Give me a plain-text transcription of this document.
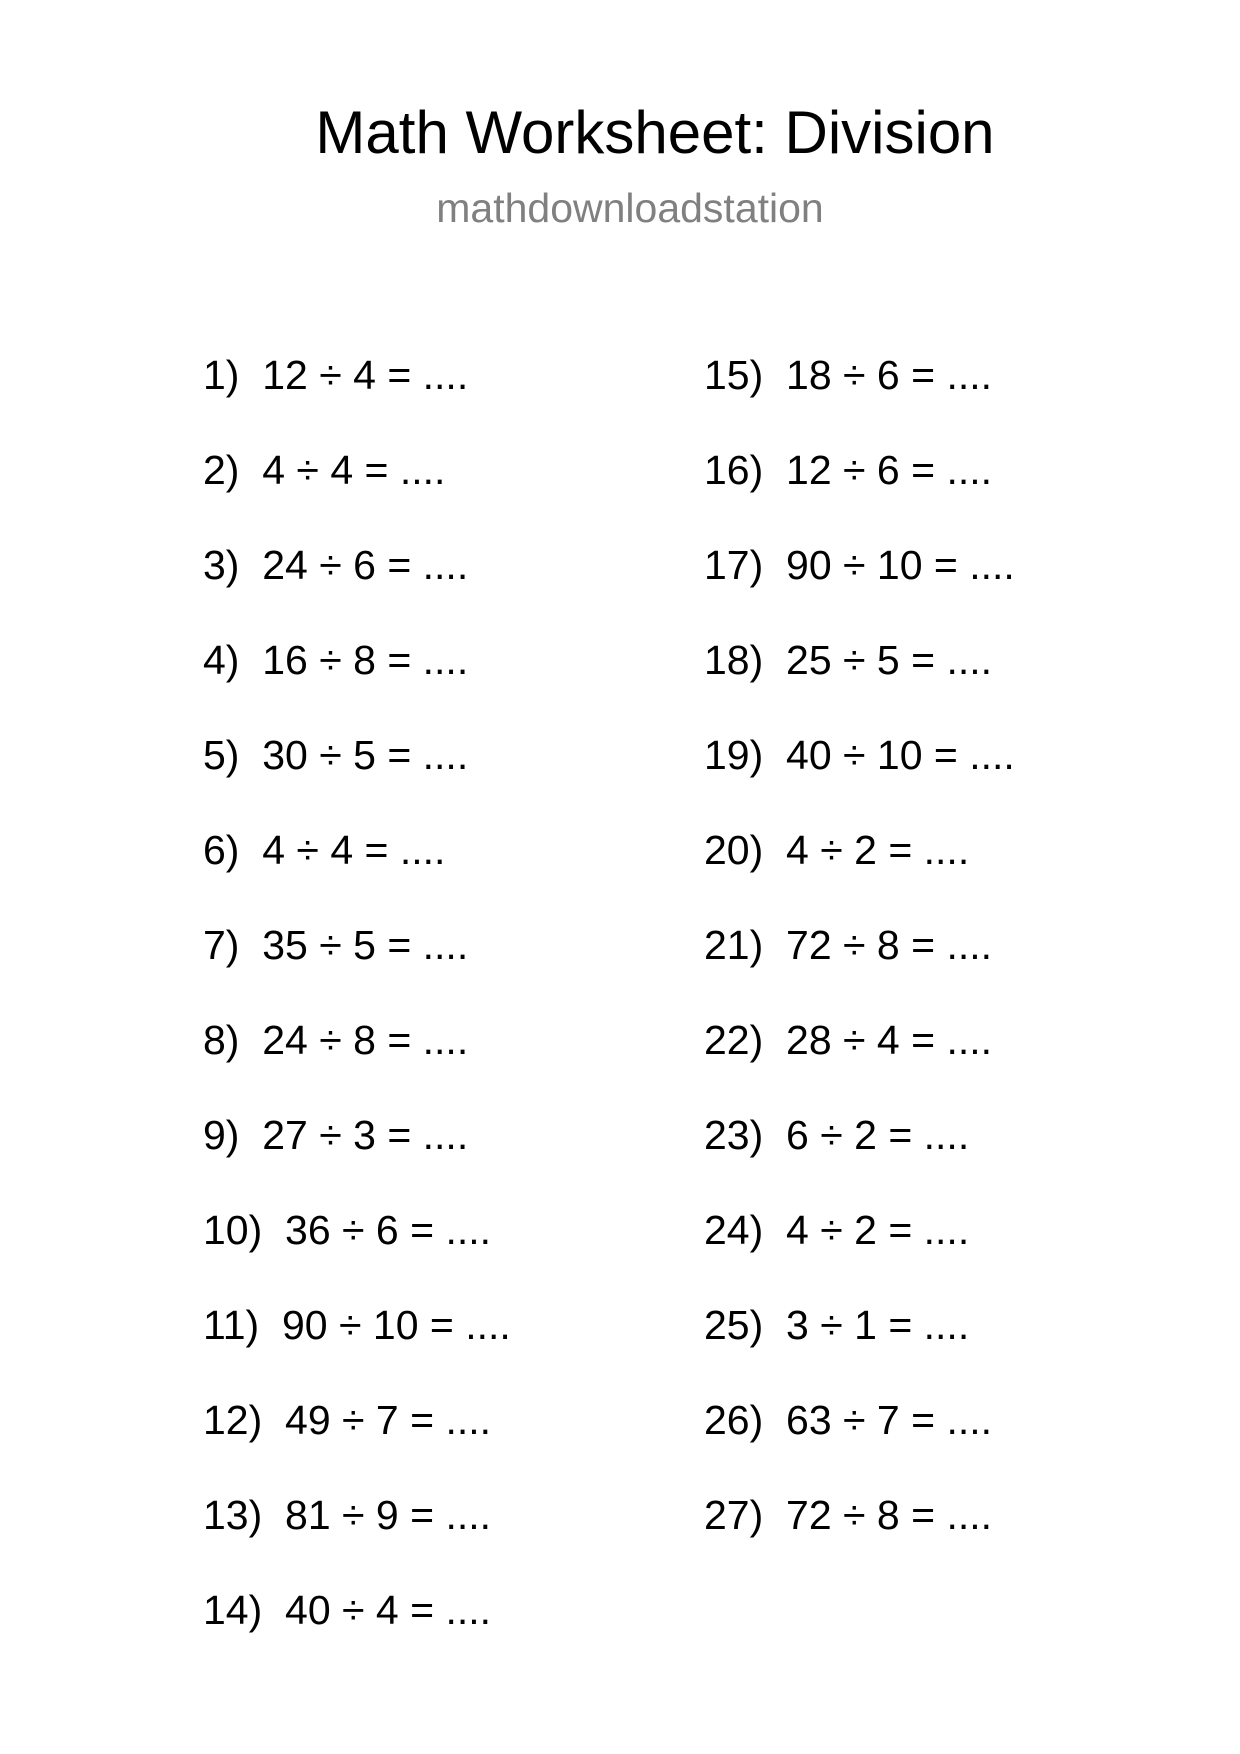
Math Worksheet: Division
mathdownloadstation
1)  12 ÷ 4 = ....
2)  4 ÷ 4 = ....
3)  24 ÷ 6 = ....
4)  16 ÷ 8 = ....
5)  30 ÷ 5 = ....
6)  4 ÷ 4 = ....
7)  35 ÷ 5 = ....
8)  24 ÷ 8 = ....
9)  27 ÷ 3 = ....
10)  36 ÷ 6 = ....
11)  90 ÷ 10 = ....
12)  49 ÷ 7 = ....
13)  81 ÷ 9 = ....
14)  40 ÷ 4 = ....
15)  18 ÷ 6 = ....
16)  12 ÷ 6 = ....
17)  90 ÷ 10 = ....
18)  25 ÷ 5 = ....
19)  40 ÷ 10 = ....
20)  4 ÷ 2 = ....
21)  72 ÷ 8 = ....
22)  28 ÷ 4 = ....
23)  6 ÷ 2 = ....
24)  4 ÷ 2 = ....
25)  3 ÷ 1 = ....
26)  63 ÷ 7 = ....
27)  72 ÷ 8 = ....
